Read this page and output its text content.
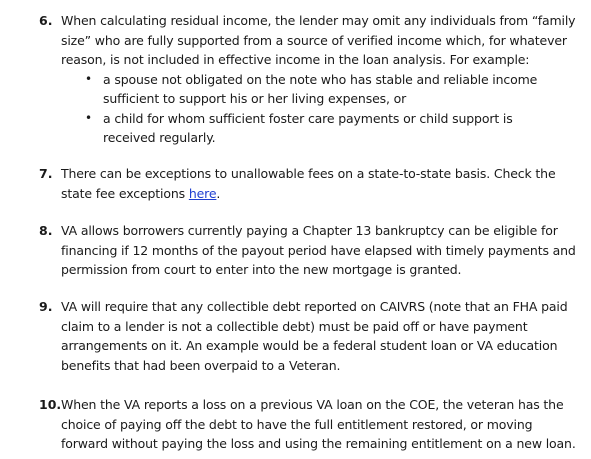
6. When calculating residual income, the lender may omit any individuals from “family size” who are fully supported from a source of verified income which, for whatever reason, is not included in effective income in the loan analysis. For example:

• a spouse not obligated on the note who has stable and reliable income sufficient to support his or her living expenses, or
• a child for whom sufficient foster care payments or child support is received regularly.
7. There can be exceptions to unallowable fees on a state-to-state basis. Check the state fee exceptions here.

8. VA allows borrowers currently paying a Chapter 13 bankruptcy can be eligible for financing if 12 months of the payout period have elapsed with timely payments and permission from court to enter into the new mortgage is granted.

9. VA will require that any collectible debt reported on CAIVRS (note that an FHA paid claim to a lender is not a collectible debt) must be paid off or have payment arrangements on it. An example would be a federal student loan or VA education benefits that had been overpaid to a Veteran.

10. When the VA reports a loss on a previous VA loan on the COE, the veteran has the choice of paying off the debt to have the full entitlement restored, or moving forward without paying the loss and using the remaining entitlement on a new loan.
